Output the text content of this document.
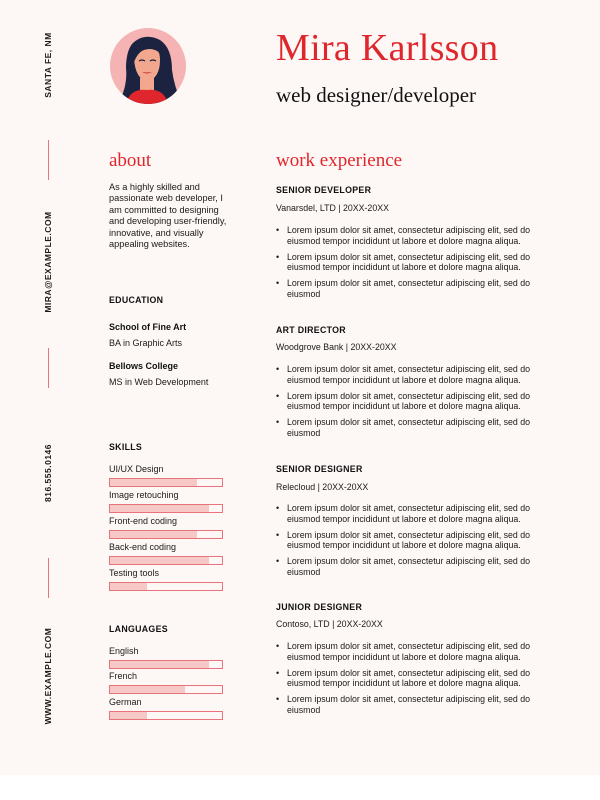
SANTA FE, NM
MIRA@EXAMPLE.COM
816.555.0146
WWW.EXAMPLE.COM
Mira Karlsson
web designer/developer
about
As a highly skilled and passionate web developer, I am committed to designing and developing user-friendly, innovative, and visually appealing websites.
EDUCATION
School of Fine Art
BA in Graphic Arts
Bellows College
MS in Web Development
SKILLS
UI/UX Design
Image retouching
Front-end coding
Back-end coding
Testing tools
LANGUAGES
English
French
German
work experience
SENIOR DEVELOPER
Vanarsdel, LTD | 20XX-20XX
• Lorem ipsum dolor sit amet, consectetur adipiscing elit, sed do eiusmod tempor incididunt ut labore et dolore magna aliqua.
• Lorem ipsum dolor sit amet, consectetur adipiscing elit, sed do eiusmod tempor incididunt ut labore et dolore magna aliqua.
• Lorem ipsum dolor sit amet, consectetur adipiscing elit, sed do eiusmod
ART DIRECTOR
Woodgrove Bank | 20XX-20XX
• Lorem ipsum dolor sit amet, consectetur adipiscing elit, sed do eiusmod tempor incididunt ut labore et dolore magna aliqua.
• Lorem ipsum dolor sit amet, consectetur adipiscing elit, sed do eiusmod tempor incididunt ut labore et dolore magna aliqua.
• Lorem ipsum dolor sit amet, consectetur adipiscing elit, sed do eiusmod
SENIOR DESIGNER
Relecloud | 20XX-20XX
• Lorem ipsum dolor sit amet, consectetur adipiscing elit, sed do eiusmod tempor incididunt ut labore et dolore magna aliqua.
• Lorem ipsum dolor sit amet, consectetur adipiscing elit, sed do eiusmod tempor incididunt ut labore et dolore magna aliqua.
• Lorem ipsum dolor sit amet, consectetur adipiscing elit, sed do eiusmod
JUNIOR DESIGNER
Contoso, LTD | 20XX-20XX
• Lorem ipsum dolor sit amet, consectetur adipiscing elit, sed do eiusmod tempor incididunt ut labore et dolore magna aliqua.
• Lorem ipsum dolor sit amet, consectetur adipiscing elit, sed do eiusmod tempor incididunt ut labore et dolore magna aliqua.
• Lorem ipsum dolor sit amet, consectetur adipiscing elit, sed do eiusmod
